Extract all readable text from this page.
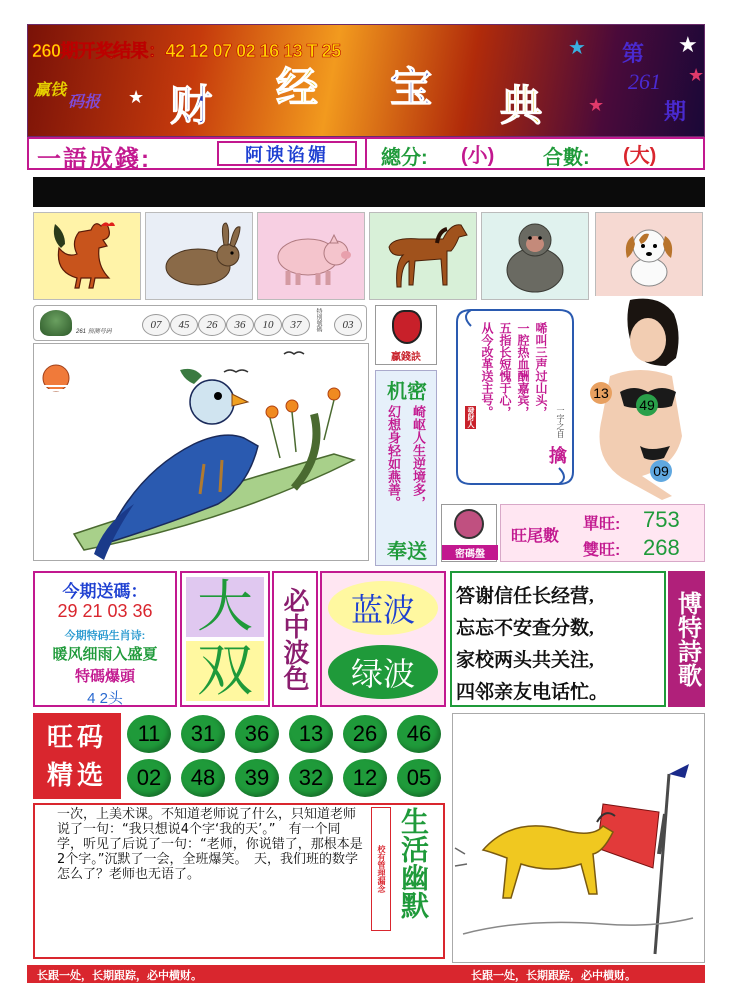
260期开奖结果：42 12 07 02 16 13 T 25
赢钱
码报 财 经 宝 典
★	★
★
★
★
第
261
期
一語成錢:	阿谀谄媚	總分: (小) 合數: (大)
261 预测号码
07	45	26	36	10	37	特別號碼	03
贏錢訣
机密
幻想身轻如燕善。 崎岖人生逆境多，
奉送
唏叫三声过山头，
一腔热血酬嘉宾，
五指长短愧于心，
从今改革送主号。
一字之自
發財人
擒
13
49
09
密碼盤
旺尾數
單旺: 753
雙旺: 268
今期送碼：
29 21 03 36
今期特码生肖诗:
暖风细雨入盛夏
特碼爆頭
4 2头
大
双 必中波色 蓝波
绿波
答谢信任长经营,
忘忘不安查分数,
家校两头共关注,
四邻亲友电话忙。
博特詩歌
旺码精选
11	31	36	13	26	46
02	48	39	32	12	05
一次，上美术课。不知道老师说了什么，只知道老师说了一句：“我只想说4个字‘我的天’。”　有一个同学，听见了后说了一句：“老师，你说错了，那根本是2个字。”沉默了一会，全班爆笑。　天，我们班的数学怎么了？老师也无语了。	校有管理漏念 生活幽默
长跟一处，长期跟踪，必中横财。	长跟一处，长期跟踪，必中横财。
